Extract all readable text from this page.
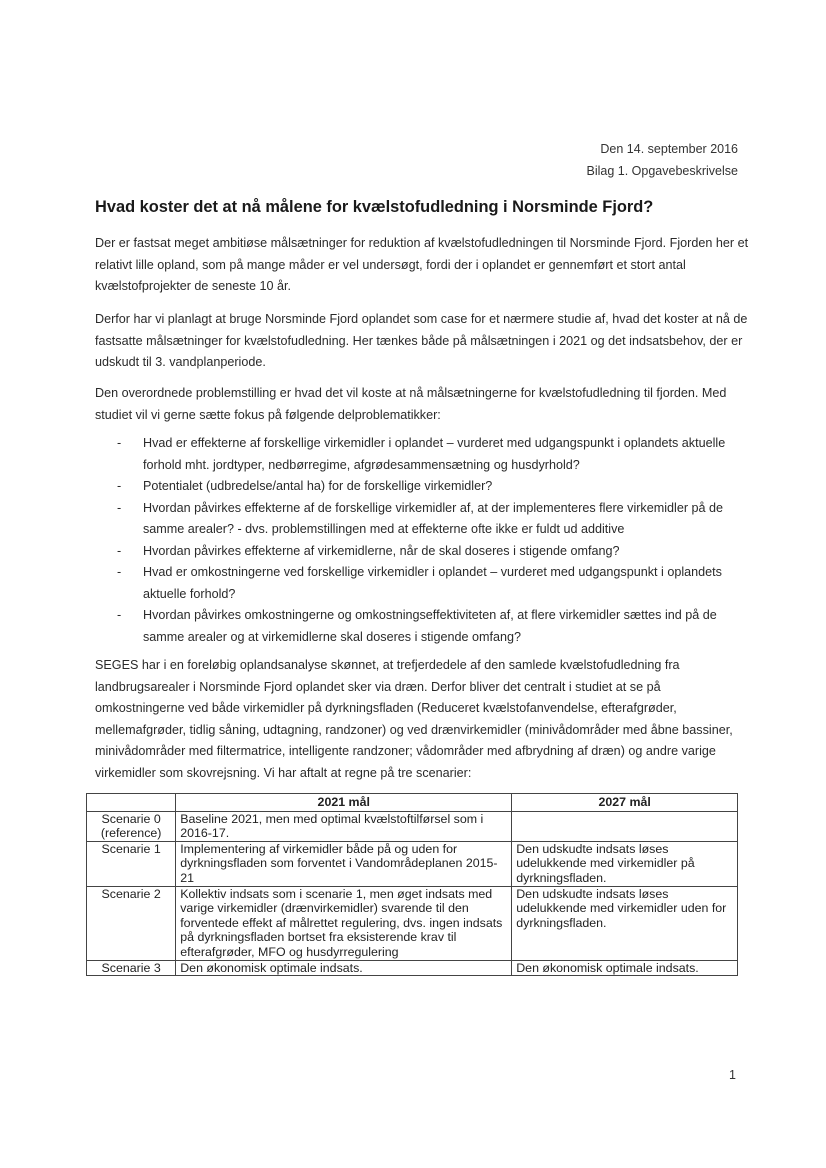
Den 14. september 2016
Bilag 1. Opgavebeskrivelse
Hvad koster det at nå målene for kvælstofudledning i Norsminde Fjord?

Der er fastsat meget ambitiøse målsætninger for reduktion af kvælstofudledningen til Norsminde Fjord. Fjorden her et relativt lille opland, som på mange måder er vel undersøgt, fordi der i oplandet er gennemført et stort antal kvælstofprojekter de seneste 10 år.

Derfor har vi planlagt at bruge Norsminde Fjord oplandet som case for et nærmere studie af, hvad det koster at nå de fastsatte målsætninger for kvælstofudledning. Her tænkes både på målsætningen i 2021 og det indsatsbehov, der er udskudt til 3. vandplanperiode.

Den overordnede problemstilling er hvad det vil koste at nå målsætningerne for kvælstofudledning til fjorden. Med studiet vil vi gerne sætte fokus på følgende delproblematikker:

- Hvad er effekterne af forskellige virkemidler i oplandet – vurderet med udgangspunkt i oplandets aktuelle forhold mht. jordtyper, nedbørregime, afgrødesammensætning og husdyrhold?
- Potentialet (udbredelse/antal ha) for de forskellige virkemidler?
- Hvordan påvirkes effekterne af de forskellige virkemidler af, at der implementeres flere virkemidler på de samme arealer? - dvs. problemstillingen med at effekterne ofte ikke er fuldt ud additive
- Hvordan påvirkes effekterne af virkemidlerne, når de skal doseres i stigende omfang?
- Hvad er omkostningerne ved forskellige virkemidler i oplandet – vurderet med udgangspunkt i oplandets aktuelle forhold?
- Hvordan påvirkes omkostningerne og omkostningseffektiviteten af, at flere virkemidler sættes ind på de samme arealer og at virkemidlerne skal doseres i stigende omfang?

SEGES har i en foreløbig oplandsanalyse skønnet, at trefjerdedele af den samlede kvælstofudledning fra landbrugsarealer i Norsminde Fjord oplandet sker via dræn. Derfor bliver det centralt i studiet at se på omkostningerne ved både virkemidler på dyrkningsfladen (Reduceret kvælstofanvendelse, efterafgrøder, mellemafgrøder, tidlig såning, udtagning, randzoner) og ved drænvirkemidler (minivådområder med åbne bassiner, minivådområder med filtermatrice, intelligente randzoner; vådområder med afbrydning af dræn) og andre varige virkemidler som skovrejsning. Vi har aftalt at regne på tre scenarier:

	2021 mål	2027 mål
Scenarie 0 (reference)	Baseline 2021, men med optimal kvælstoftilførsel som i 2016-17.	
Scenarie 1	Implementering af virkemidler både på og uden for dyrkningsfladen som forventet i Vandområdeplanen 2015-21	Den udskudte indsats løses udelukkende med virkemidler på dyrkningsfladen.
Scenarie 2	Kollektiv indsats som i scenarie 1, men øget indsats med varige virkemidler (drænvirkemidler) svarende til den forventede effekt af målrettet regulering, dvs. ingen indsats på dyrkningsfladen bortset fra eksisterende krav til efterafgrøder, MFO og husdyrregulering	Den udskudte indsats løses udelukkende med virkemidler uden for dyrkningsfladen.
Scenarie 3	Den økonomisk optimale indsats.	Den økonomisk optimale indsats.
1
